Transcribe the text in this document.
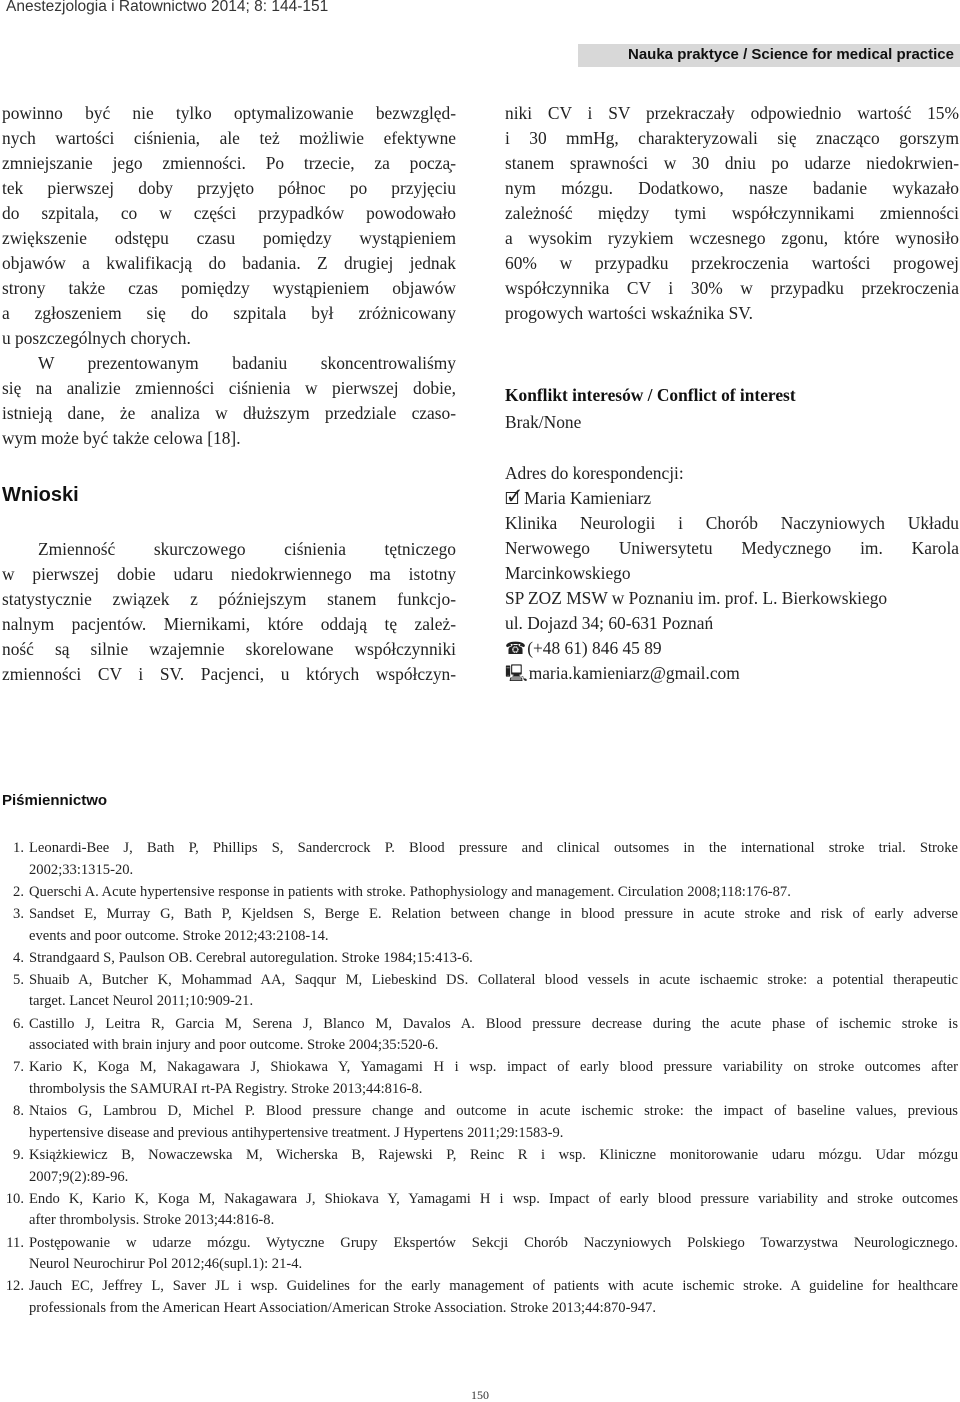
Anestezjologia i Ratownictwo 2014; 8: 144-151
Nauka praktyce / Science for medical practice
powinno być nie tylko optymalizowanie bezwzględ-
nych wartości ciśnienia, ale też możliwie efektywne
zmniejszanie jego zmienności. Po trzecie, za pocza̧-
tek pierwszej doby przyjęto północ po przyjęciu
do szpitala, co w części przypadków powodowało
zwiększenie odstępu czasu pomiędzy wystąpieniem
objawów a kwalifikacją do badania. Z drugiej jednak
strony także czas pomiędzy wystąpieniem objawów
a zgłoszeniem się do szpitala był zróżnicowany
u poszczególnych chorych.
W prezentowanym badaniu skoncentrowaliśmy
się na analizie zmienności ciśnienia w pierwszej dobie,
istnieją dane, że analiza w dłuższym przedziale czaso-
wym może być także celowa [18].
Wnioski
Zmienność skurczowego ciśnienia tętniczego
w pierwszej dobie udaru niedokrwiennego ma istotny
statystycznie związek z późniejszym stanem funkcjo-
nalnym pacjentów. Miernikami, które oddają tę zależ-
ność są silnie wzajemnie skorelowane współczynniki
zmienności CV i SV. Pacjenci, u których współczyn-
niki CV i SV przekraczały odpowiednio wartość 15%
i 30 mmHg, charakteryzowali się znacząco gorszym
stanem sprawności w 30 dniu po udarze niedokrwien-
nym mózgu. Dodatkowo, nasze badanie wykazało
zależność między tymi współczynnikami zmienności
a wysokim ryzykiem wczesnego zgonu, które wynosiło
60% w przypadku przekroczenia wartości progowej
współczynnika CV i 30% w przypadku przekroczenia
progowych wartości wskaźnika SV.
Konflikt interesów / Conflict of interest
Brak/None
Adres do korespondencji:
🗹 Maria Kamieniarz
Klinika Neurologii i Chorób Naczyniowych Układu
Nerwowego Uniwersytetu Medycznego im. Karola
Marcinkowskiego
SP ZOZ MSW w Poznaniu im. prof. L. Bierkowskiego
ul. Dojazd 34; 60-631 Poznań
☎(+48 61) 846 45 89
🖳maria.kamieniarz@gmail.com
Piśmiennictwo
1. Leonardi-Bee J, Bath P, Phillips S, Sandercrock P. Blood pressure and clinical outsomes in the international stroke trial. Stroke
2002;33:1315-20.
2. Querschi A. Acute hypertensive response in patients with stroke. Pathophysiology and management. Circulation 2008;118:176-87.
3. Sandset E, Murray G, Bath P, Kjeldsen S, Berge E. Relation between change in blood pressure in acute stroke and risk of early adverse
events and poor outcome. Stroke 2012;43:2108-14.
4. Strandgaard S, Paulson OB. Cerebral autoregulation. Stroke 1984;15:413-6.
5. Shuaib A, Butcher K, Mohammad AA, Saqqur M, Liebeskind DS. Collateral blood vessels in acute ischaemic stroke: a potential therapeutic
target. Lancet Neurol 2011;10:909-21.
6. Castillo J, Leitra R, Garcia M, Serena J, Blanco M, Davalos A. Blood pressure decrease during the acute phase of ischemic stroke is
associated with brain injury and poor outcome. Stroke 2004;35:520-6.
7. Kario K, Koga M, Nakagawara J, Shiokawa Y, Yamagami H i wsp. impact of early blood pressure variability on stroke outcomes after
thrombolysis the SAMURAI rt-PA Registry. Stroke 2013;44:816-8.
8. Ntaios G, Lambrou D, Michel P. Blood pressure change and outcome in acute ischemic stroke: the impact of baseline values, previous
hypertensive disease and previous antihypertensive treatment. J Hypertens 2011;29:1583-9.
9. Książkiewicz B, Nowaczewska M, Wicherska B, Rajewski P, Reinc R i wsp. Kliniczne monitorowanie udaru mózgu. Udar mózgu
2007;9(2):89-96.
10. Endo K, Kario K, Koga M, Nakagawara J, Shiokava Y, Yamagami H i wsp. Impact of early blood pressure variability and stroke outcomes
after thrombolysis. Stroke 2013;44:816-8.
11. Postępowanie w udarze mózgu. Wytyczne Grupy Ekspertów Sekcji Chorób Naczyniowych Polskiego Towarzystwa Neurologicznego.
Neurol Neurochirur Pol 2012;46(supl.1): 21-4.
12. Jauch EC, Jeffrey L, Saver JL i wsp. Guidelines for the early management of patients with acute ischemic stroke. A guideline for healthcare
professionals from the American Heart Association/American Stroke Association. Stroke 2013;44:870-947.
150
